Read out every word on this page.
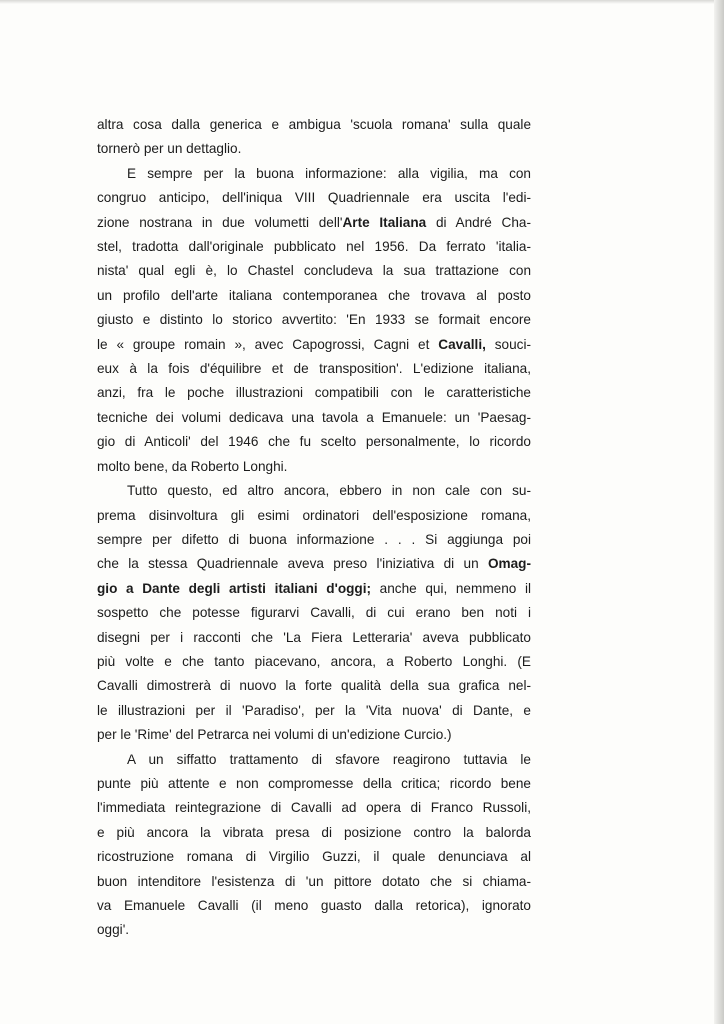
altra cosa dalla generica e ambigua 'scuola romana' sulla quale
tornerò per un dettaglio.
E sempre per la buona informazione: alla vigilia, ma con
congruo anticipo, dell'iniqua VIII Quadriennale era uscita l'edi-
zione nostrana in due volumetti dell'Arte Italiana di André Cha-
stel, tradotta dall'originale pubblicato nel 1956. Da ferrato 'italia-
nista' qual egli è, lo Chastel concludeva la sua trattazione con
un profilo dell'arte italiana contemporanea che trovava al posto
giusto e distinto lo storico avvertito: 'En 1933 se formait encore
le « groupe romain », avec Capogrossi, Cagni et Cavalli, souci-
eux à la fois d'équilibre et de transposition'. L'edizione italiana,
anzi, fra le poche illustrazioni compatibili con le caratteristiche
tecniche dei volumi dedicava una tavola a Emanuele: un 'Paesag-
gio di Anticoli' del 1946 che fu scelto personalmente, lo ricordo
molto bene, da Roberto Longhi.
Tutto questo, ed altro ancora, ebbero in non cale con su-
prema disinvoltura gli esimi ordinatori dell'esposizione romana,
sempre per difetto di buona informazione . . . Si aggiunga poi
che la stessa Quadriennale aveva preso l'iniziativa di un Omag-
gio a Dante degli artisti italiani d'oggi; anche qui, nemmeno il
sospetto che potesse figurarvi Cavalli, di cui erano ben noti i
disegni per i racconti che 'La Fiera Letteraria' aveva pubblicato
più volte e che tanto piacevano, ancora, a Roberto Longhi. (E
Cavalli dimostrerà di nuovo la forte qualità della sua grafica nel-
le illustrazioni per il 'Paradiso', per la 'Vita nuova' di Dante, e
per le 'Rime' del Petrarca nei volumi di un'edizione Curcio.)
A un siffatto trattamento di sfavore reagirono tuttavia le
punte più attente e non compromesse della critica; ricordo bene
l'immediata reintegrazione di Cavalli ad opera di Franco Russoli,
e più ancora la vibrata presa di posizione contro la balorda
ricostruzione romana di Virgilio Guzzi, il quale denunciava al
buon intenditore l'esistenza di 'un pittore dotato che si chiama-
va Emanuele Cavalli (il meno guasto dalla retorica), ignorato
oggi'.
